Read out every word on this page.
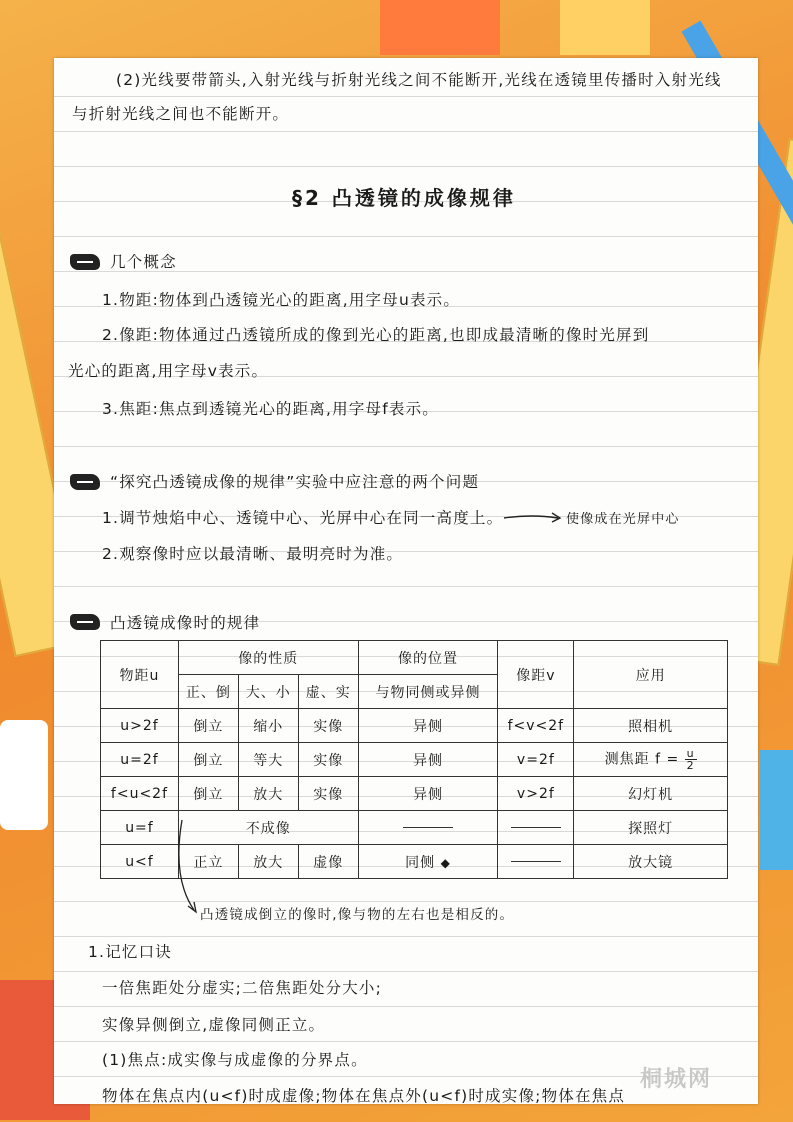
(2)光线要带箭头,入射光线与折射光线之间不能断开,光线在透镜里传播时入射光线
与折射光线之间也不能断开。
§2 凸透镜的成像规律
几个概念
1.物距:物体到凸透镜光心的距离,用字母u表示。
2.像距:物体通过凸透镜所成的像到光心的距离,也即成最清晰的像时光屏到
光心的距离,用字母v表示。
3.焦距:焦点到透镜光心的距离,用字母f表示。
“探究凸透镜成像的规律”实验中应注意的两个问题
1.调节烛焰中心、透镜中心、光屏中心在同一高度上。	使像成在光屏中心
2.观察像时应以最清晰、最明亮时为准。
凸透镜成像时的规律
物距u	像的性质			像的位置	像距v	应用
	正、倒	大、小	虚、实	与物同侧或异侧		
u>2f	倒立	缩小	实像	异侧	f<v<2f	照相机
u=2f	倒立	等大	实像	异侧	v=2f	测焦距 $f = \frac{u}{2}$

f<u<2f	倒立	放大	实像	异侧	v>2f	幻灯机
u=f	不成像					探照灯
u<f	正立	放大	虚像	同侧 ◆		放大镜
凸透镜成倒立的像时,像与物的左右也是相反的。
1.记忆口诀
一倍焦距处分虚实;二倍焦距处分大小;
实像异侧倒立,虚像同侧正立。
(1)焦点:成实像与成虚像的分界点。
物体在焦点内(u<f)时成虚像;物体在焦点外(u<f)时成实像;物体在焦点
桐城网
